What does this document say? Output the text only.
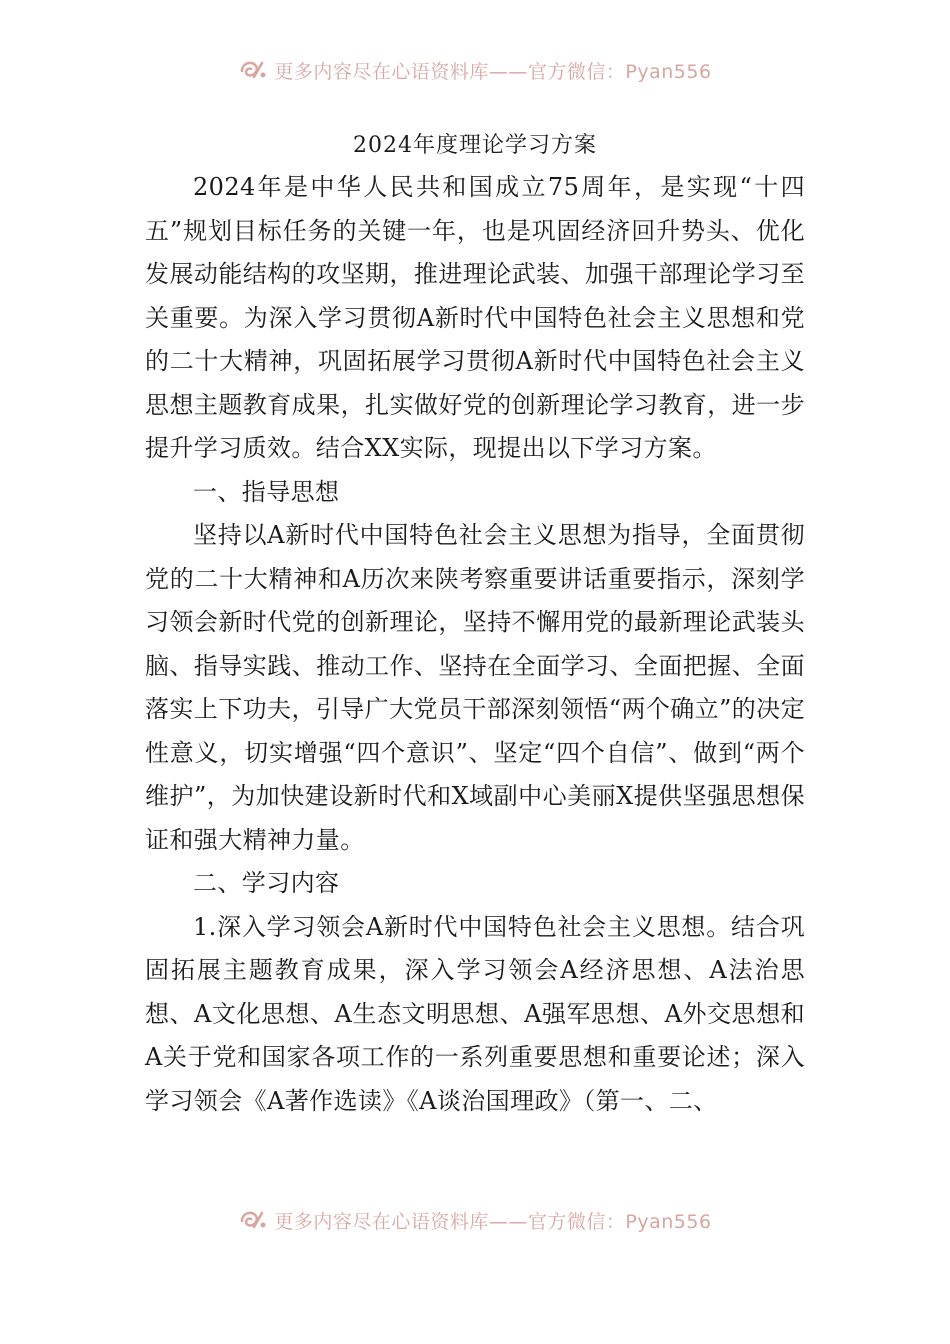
更多内容尽在心语资料库——官方微信：Pyan556
2024年度理论学习方案

2024年是中华人民共和国成立75周年，是实现“十四五”规划目标任务的关键一年，也是巩固经济回升势头、优化发展动能结构的攻坚期，推进理论武装、加强干部理论学习至关重要。为深入学习贯彻A新时代中国特色社会主义思想和党的二十大精神，巩固拓展学习贯彻A新时代中国特色社会主义思想主题教育成果，扎实做好党的创新理论学习教育，进一步提升学习质效。结合XX实际，现提出以下学习方案。

一、指导思想

坚持以A新时代中国特色社会主义思想为指导，全面贯彻党的二十大精神和A历次来陕考察重要讲话重要指示，深刻学习领会新时代党的创新理论，坚持不懈用党的最新理论武装头脑、指导实践、推动工作、坚持在全面学习、全面把握、全面落实上下功夫，引导广大党员干部深刻领悟“两个确立”的决定性意义，切实增强“四个意识”、坚定“四个自信”、做到“两个维护”，为加快建设新时代和X域副中心美丽X提供坚强思想保证和强大精神力量。

二、学习内容

1.深入学习领会A新时代中国特色社会主义思想。结合巩固拓展主题教育成果，深入学习领会A经济思想、A法治思想、A文化思想、A生态文明思想、A强军思想、A外交思想和A关于党和国家各项工作的一系列重要思想和重要论述；深入学习领会《A著作选读》《A谈治国理政》（第一、二、

更多内容尽在心语资料库——官方微信：Pyan556
